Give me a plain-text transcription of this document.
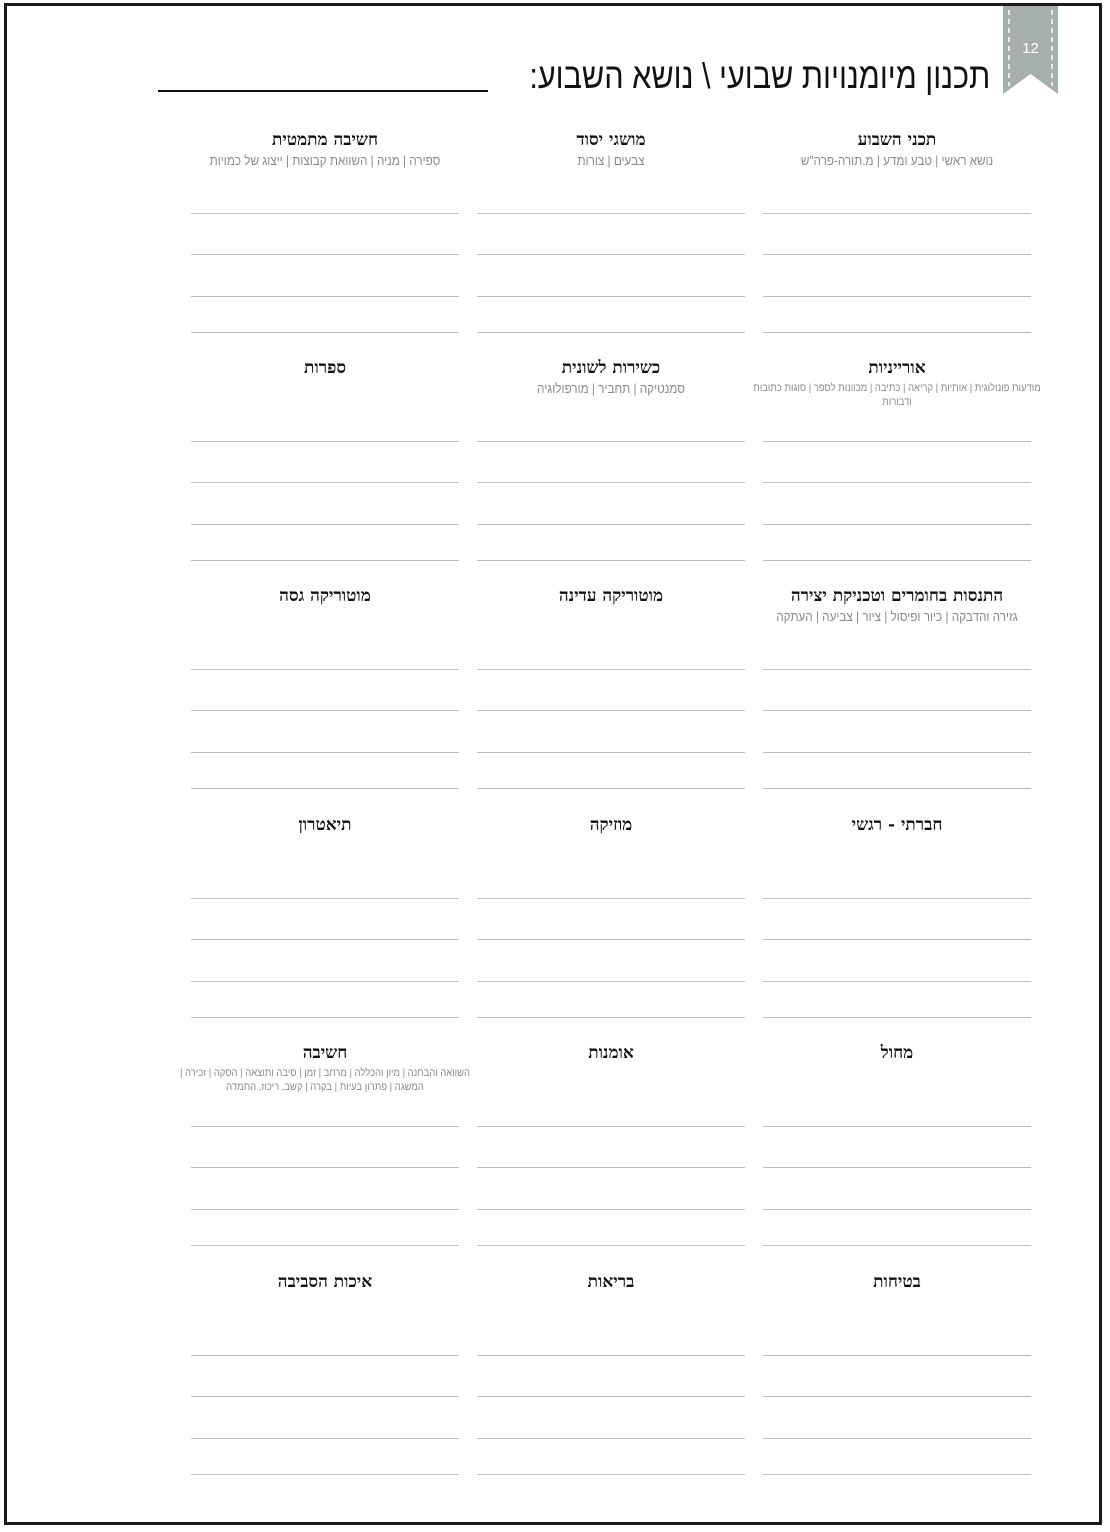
12
תכנון מיומנויות שבועי \ נושא השבוע:
תכני השבוע
נושא ראשי | טבע ומדע | מ.תורה-פרה"ש
מושגי יסוד
צבעים | צורות
חשיבה מתמטית
ספירה | מניה | השוואת קבוצות | ייצוג של כמויות
אורייניות
מודעות פונולוגית | אותיות | קריאה | כתיבה | מכוונות לספר | סוגות כתובות ודבורות
כשירות לשונית
סמנטיקה | תחביר | מורפולוגיה
ספרות
התנסות בחומרים וטכניקת יצירה
גזירה והדבקה | כיור ופיסול | ציור | צביעה | העתקה
מוטוריקה עדינה
מוטוריקה גסה
חברתי - רגשי
מוזיקה
תיאטרון
מחול
אומנות
חשיבה
השוואה והבחנה | מיון והכללה | מרחב | זמן | סיבה ותוצאה | הסקה | זכירה | המשגה | פתרון בעיות | בקרה | קשב, ריכוז, התמדה
בטיחות
בריאות
איכות הסביבה
